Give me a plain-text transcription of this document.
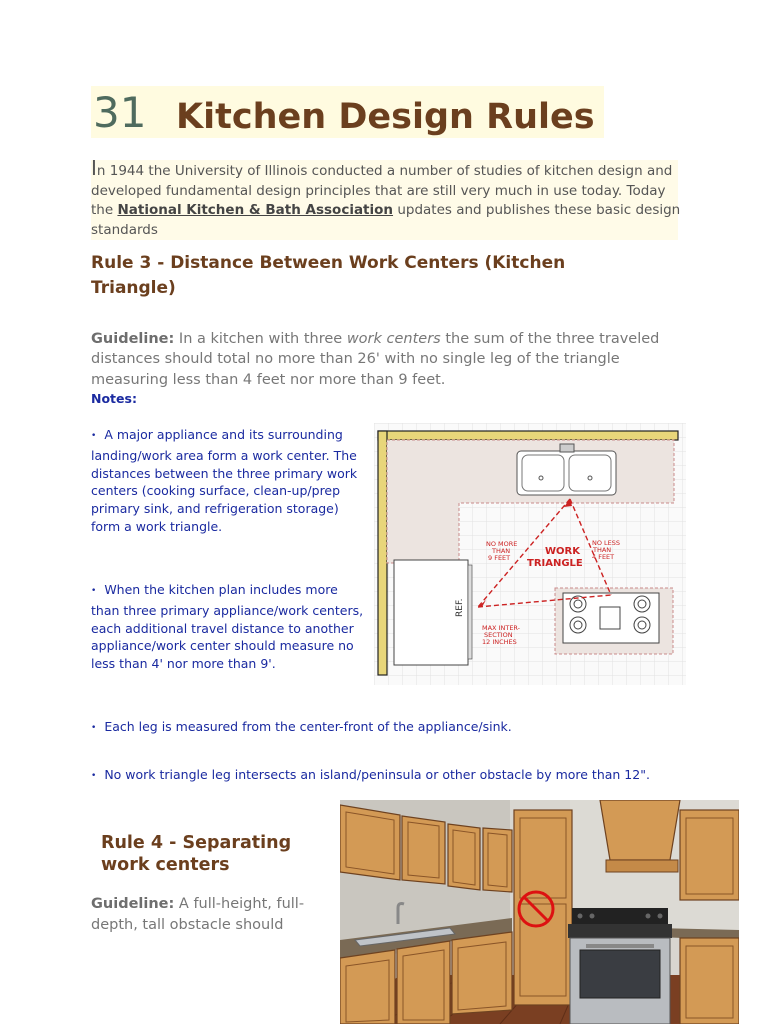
31 Kitchen Design Rules
In 1944 the University of Illinois conducted a number of studies of kitchen design and developed fundamental design principles that are still very much in use today. Today the National Kitchen & Bath Association updates and publishes these basic design standards
Rule 3 - Distance Between Work Centers (Kitchen Triangle)
Guideline: In a kitchen with three work centers the sum of the three traveled distances should total no more than 26' with no single leg of the triangle measuring less than 4 feet nor more than 9 feet.
Notes:
• A major appliance and its surrounding landing/work area form a work center. The distances between the three primary work centers (cooking surface, clean-up/prep primary sink, and refrigeration storage) form a work triangle.
• When the kitchen plan includes more than three primary appliance/work centers, each additional travel distance to another appliance/work center should measure no less than 4' nor more than 9'.
• Each leg is measured from the center-front of the appliance/sink.
• No work triangle leg intersects an island/peninsula or other obstacle by more than 12".
REF.
WORK
TRIANGLE
NO MORE
THAN
9 FEET
NO LESS
THAN
4 FEET
MAX INTER-
SECTION
12 INCHES
Rule 4 - Separating work centers
Guideline: A full-height, full-depth, tall obstacle should
